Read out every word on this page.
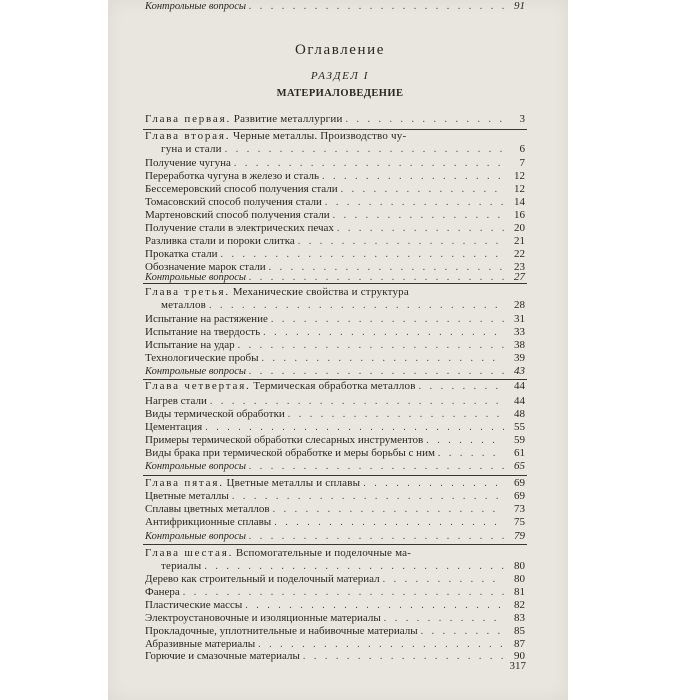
Оглавление
РАЗДЕЛ I
МАТЕРИАЛОВЕДЕНИЕ
Глава первая. Развитие металлургии . . .	3
Глава вторая. Черные металлы. Производство чу-
гуна и стали . . .	6
Получение чугуна . . .	7
Переработка чугуна в железо и сталь . . .	12
Бессемеровский способ получения стали . . .	12
Томасовский способ получения стали . . .	14
Мартеновский способ получения стали . . .	16
Получение стали в электрических печах . . .	20
Разливка стали и пороки слитка . . .	21
Прокатка стали . . .	22
Обозначение марок стали . . .	23
Контрольные вопросы . . .	27
Глава третья. Механические свойства и структура
металлов . . .	28
Испытание на растяжение . . .	31
Испытание на твердость . . .	33
Испытание на удар . . .	38
Технологические пробы . . .	39
Контрольные вопросы . . .	43
Глава четвертая. Термическая обработка металлов . . .	44
Нагрев стали . . .	44
Виды термической обработки . . .	48
Цементация . . .	55
Примеры термической обработки слесарных инструментов . . .	59
Виды брака при термической обработке и меры борьбы с ним . . .	61
Контрольные вопросы . . .	65
Глава пятая. Цветные металлы и сплавы . . .	69
Цветные металлы . . .	69
Сплавы цветных металлов . . .	73
Антифрикционные сплавы . . .	75
Контрольные вопросы . . .	79
Глава шестая. Вспомогательные и поделочные ма-
териалы . . .	80
Дерево как строительный и поделочный материал . . .	80
Фанера . . .	81
Пластические массы . . .	82
Электроустановочные и изоляционные материалы . . .	83
Прокладочные, уплотнительные и набивочные материалы . . .	85
Абразивные материалы . . .	87
Горючие и смазочные материалы . . .	90
Контрольные вопросы . . .	91
317
